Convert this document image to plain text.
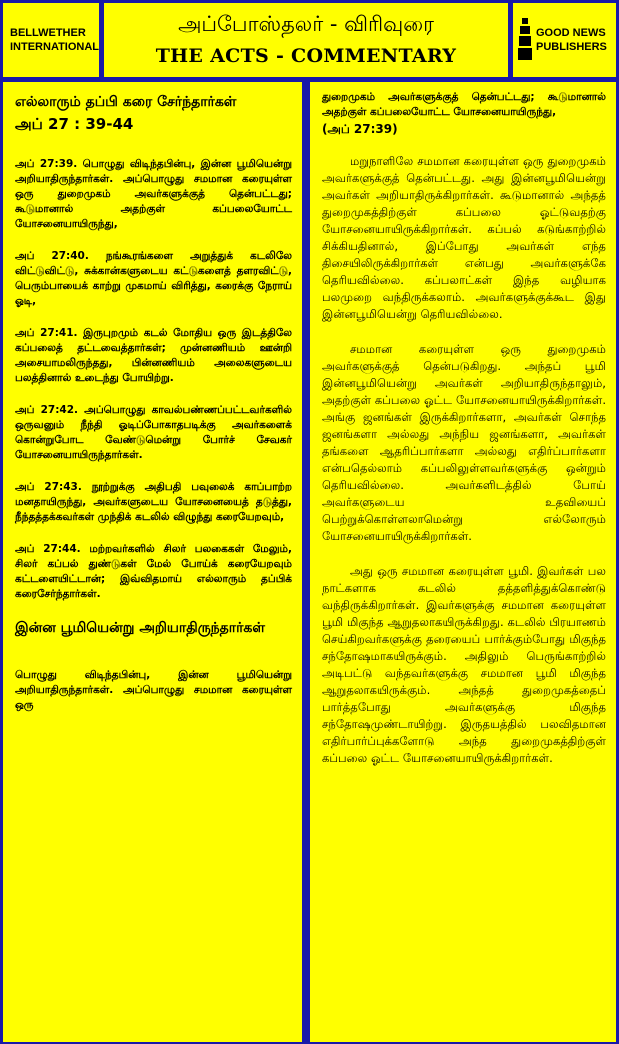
BELLWETHER
INTERNATIONAL
அப்போஸ்தலர் - விரிவுரை
THE ACTS - COMMENTARY
GOOD NEWS
PUBLISHERS
எல்லாரும் தப்பி கரை சேர்ந்தார்கள்
அப் 27 : 39-44
அப் 27:39. பொழுது விடிந்தபின்பு, இன்ன பூமியென்று அறியாதிருந்தார்கள். அப்பொழுது சமமான கரையுள்ள ஒரு துறைமுகம் அவர்களுக்குத் தென்பட்டது; கூடுமானால் அதற்குள் கப்பலையோட்ட யோசனையாயிருந்து,
அப் 27:40. நங்கூரங்களை அறுத்துக் கடலிலே விட்டுவிட்டு, சுக்கான்களுடைய கட்டுகளைத் தளரவிட்டு, பெரும்பாயைக் காற்று முகமாய் விரித்து, கரைக்கு நேராய் ஓடி,
அப் 27:41. இருபுறமும் கடல் மோதிய ஒரு இடத்திலே கப்பலைத் தட்டவைத்தார்கள்; முன்னணியம் ஊன்றி அசையாமலிருந்தது, பின்னணியம் அலைகளுடைய பலத்தினால் உடைந்து போயிற்று.
அப் 27:42. அப்பொழுது காவல்பண்ணப்பட்டவர்களில் ஒருவனும் நீந்தி ஓடிப்போகாதபடிக்கு அவர்களைக் கொன்றுபோட வேண்டுமென்று போர்ச் சேவகர் யோசனையாயிருந்தார்கள்.
அப் 27:43. நூற்றுக்கு அதிபதி பவுலைக் காப்பாற்ற மனதாயிருந்து, அவர்களுடைய யோசனையைத் தடுத்து, நீந்தத்தக்கவர்கள் முந்திக் கடலில் விழுந்து கரையேறவும்,
அப் 27:44. மற்றவர்களில் சிலர் பலகைகள் மேலும், சிலர் கப்பல் துண்டுகள் மேல் போய்க் கரையேறவும் கட்டளையிட்டான்; இவ்விதமாய் எல்லாரும் தப்பிக் கரைசேர்ந்தார்கள்.
இன்ன பூமியென்று அறியாதிருந்தார்கள்
பொழுது விடிந்தபின்பு, இன்ன பூமியென்று அறியாதிருந்தார்கள். அப்பொழுது சமமான கரையுள்ள ஒரு
துறைமுகம் அவர்களுக்குத் தென்பட்டது; கூடுமானால் அதற்குள் கப்பலையோட்ட யோசனையாயிருந்து,
(அப் 27:39)
மறுநாளிலே சமமான கரையுள்ள ஒரு துறைமுகம் அவர்களுக்குத் தென்பட்டது. அது இன்னபூமியென்று அவர்கள் அறியாதிருக்கிறார்கள். கூடுமானால் அந்தத் துறைமுகத்திற்குள் கப்பலை ஓட்டுவதற்கு யோசனையாயிருக்கிறார்கள். கப்பல் கடுங்காற்றில் சிக்கியதினால், இப்போது அவர்கள் எந்த திசையிலிருக்கிறார்கள் என்பது அவர்களுக்கே தெரியவில்லை. கப்பலாட்கள் இந்த வழியாக பலமுறை வந்திருக்கலாம். அவர்களுக்குக்கூட இது இன்னபூமியென்று தெரியவில்லை.
சமமான கரையுள்ள ஒரு துறைமுகம் அவர்களுக்குத் தென்படுகிறது. அந்தப் பூமி இன்னபூமியென்று அவர்கள் அறியாதிருந்தாலும், அதற்குள் கப்பலை ஓட்ட யோசனையாயிருக்கிறார்கள். அங்கு ஜனங்கள் இருக்கிறார்களா, அவர்கள் சொந்த ஜனங்களா அல்லது அந்நிய ஜனங்களா, அவர்கள் தங்களை ஆதரிப்பார்களா அல்லது எதிர்ப்பார்களா என்பதெல்லாம் கப்பலிலுள்ளவர்களுக்கு ஒன்றும் தெரியவில்லை. அவர்களிடத்தில் போய் அவர்களுடைய உதவியைப் பெற்றுக்கொள்ளலாமென்று எல்லோரும் யோசனையாயிருக்கிறார்கள்.
அது ஒரு சமமான கரையுள்ள பூமி. இவர்கள் பல நாட்களாக கடலில் தத்தளித்துக்கொண்டு வந்திருக்கிறார்கள். இவர்களுக்கு சமமான கரையுள்ள பூமி மிகுந்த ஆறுதலாகயிருக்கிறது. கடலில் பிரயாணம் செய்கிறவர்களுக்கு தரையைப் பார்க்கும்போது மிகுந்த சந்தோஷமாகயிருக்கும். அதிலும் பெருங்காற்றில் அடிபட்டு வந்தவர்களுக்கு சமமான பூமி மிகுந்த ஆறுதலாகயிருக்கும். அந்தத் துறைமுகத்தைப் பார்த்தபோது அவர்களுக்கு மிகுந்த சந்தோஷமுண்டாயிற்று. இருதயத்தில் பலவிதமான எதிர்பார்ப்புக்களோடு அந்த துறைமுகத்திற்குள் கப்பலை ஓட்ட யோசனையாயிருக்கிறார்கள்.
